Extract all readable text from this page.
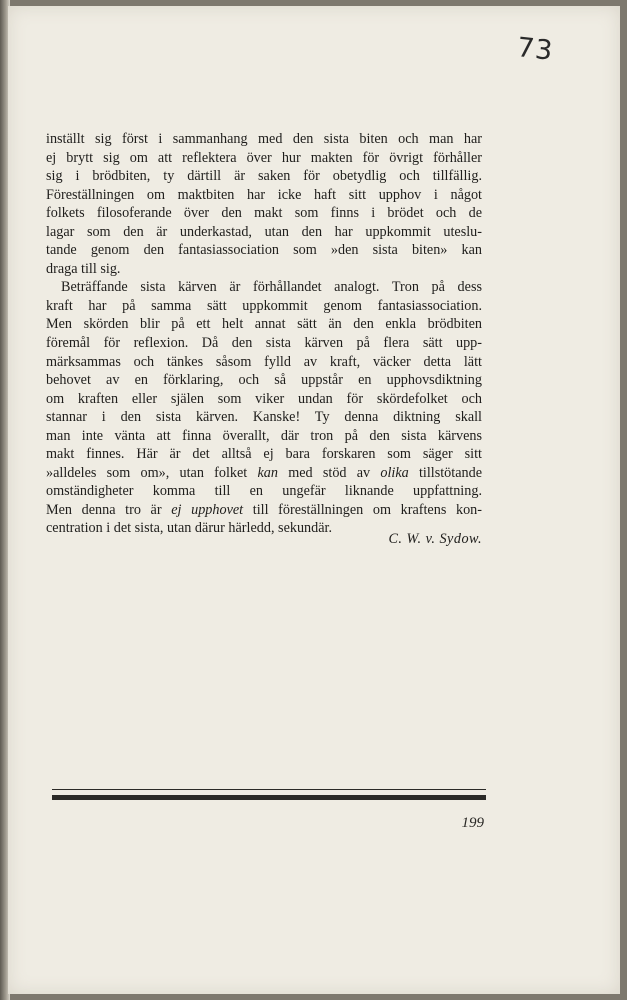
73
inställt sig först i sammanhang med den sista biten och man har
ej brytt sig om att reflektera över hur makten för övrigt förhåller
sig i brödbiten, ty därtill är saken för obetydlig och tillfällig.
Föreställningen om maktbiten har icke haft sitt upphov i något
folkets filosoferande över den makt som finns i brödet och de
lagar som den är underkastad, utan den har uppkommit uteslu-
tande genom den fantasiassociation som »den sista biten» kan
draga till sig.
Beträffande sista kärven är förhållandet analogt. Tron på dess
kraft har på samma sätt uppkommit genom fantasiassociation.
Men skörden blir på ett helt annat sätt än den enkla brödbiten
föremål för reflexion. Då den sista kärven på flera sätt upp-
märksammas och tänkes såsom fylld av kraft, väcker detta lätt
behovet av en förklaring, och så uppstår en upphovsdiktning
om kraften eller själen som viker undan för skördefolket och
stannar i den sista kärven. Kanske! Ty denna diktning skall
man inte vänta att finna överallt, där tron på den sista kärvens
makt finnes. Här är det alltså ej bara forskaren som säger sitt
»alldeles som om», utan folket kan med stöd av olika tillstötande
omständigheter komma till en ungefär liknande uppfattning.
Men denna tro är ej upphovet till föreställningen om kraftens kon-
centration i det sista, utan därur härledd, sekundär.
C. W. v. Sydow.
199
